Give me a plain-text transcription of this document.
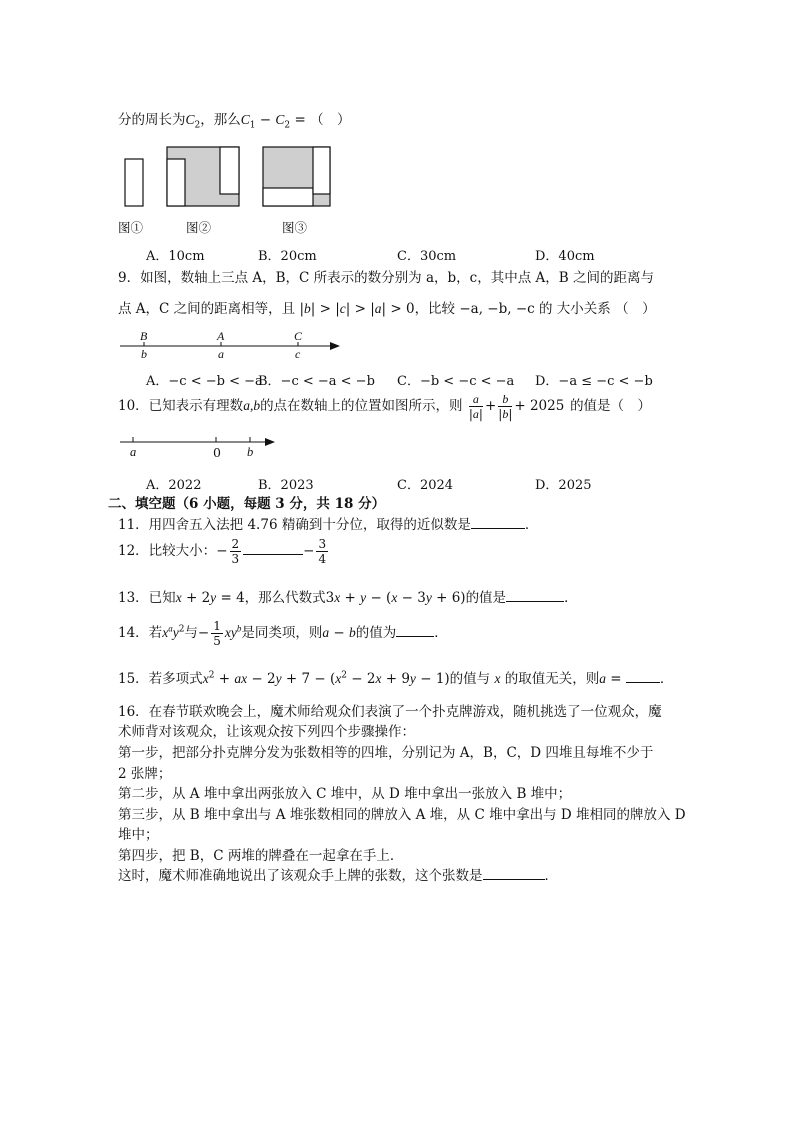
分的周长为$C_2$，那么$C_1 - C_2$ = （　）
图①	图②	图③
A．10cm	B．20cm	C．30cm	D．40cm
9．如图，数轴上三点 A，B，C 所表示的数分别为 a，b，c，其中点 A，B 之间的距离与
点 A，C 之间的距离相等，且 |b| > |c| > |a| > 0，比较 −a, −b, −c 的 大小关系 （　）
B	A	C
b	a	c
A．−c < −b < −a
B．−c < −a < −b C．−b < −c < −a D．−a ≤ −c < −b
10．已知表示有理数a,b的点在数轴上的位置如图所示，则 $\frac{a}{|a|} + \frac{b}{|b|} + 2025$ 的值是（　）
a	0 b
A．2022	B．2023	C．2024	D．2025
二、填空题（6 小题，每题 3 分，共 18 分）
11．用四舍五入法把 4.76 精确到十分位，取得的近似数是	．
12．比较大小：− $\frac{2}{3}$	− $\frac{3}{4}$
13．已知x + 2y = 4，那么代数式3x + y − (x − 3y + 6)的值是	．
14．若$x^ay^2$与− $\frac{1}{5} xy^b$是同类项，则a − b的值为	．
15．若多项式$x^2$ + ax − $2y + 7 - (x^2 - 2x + 9y - 1)$的值与 x 的取值无关，则a =	．
16．在春节联欢晚会上，魔术师给观众们表演了一个扑克牌游戏，随机挑选了一位观众，魔
术师背对该观众，让该观众按下列四个步骤操作：
第一步，把部分扑克牌分发为张数相等的四堆，分别记为 A，B，C，D 四堆且每堆不少于
2 张牌；
第二步，从 A 堆中拿出两张放入 C 堆中，从 D 堆中拿出一张放入 B 堆中；
第三步，从 B 堆中拿出与 A 堆张数相同的牌放入 A 堆，从 C 堆中拿出与 D 堆相同的牌放入 D
堆中；
第四步，把 B，C 两堆的牌叠在一起拿在手上．
这时，魔术师准确地说出了该观众手上牌的张数，这个张数是	．
